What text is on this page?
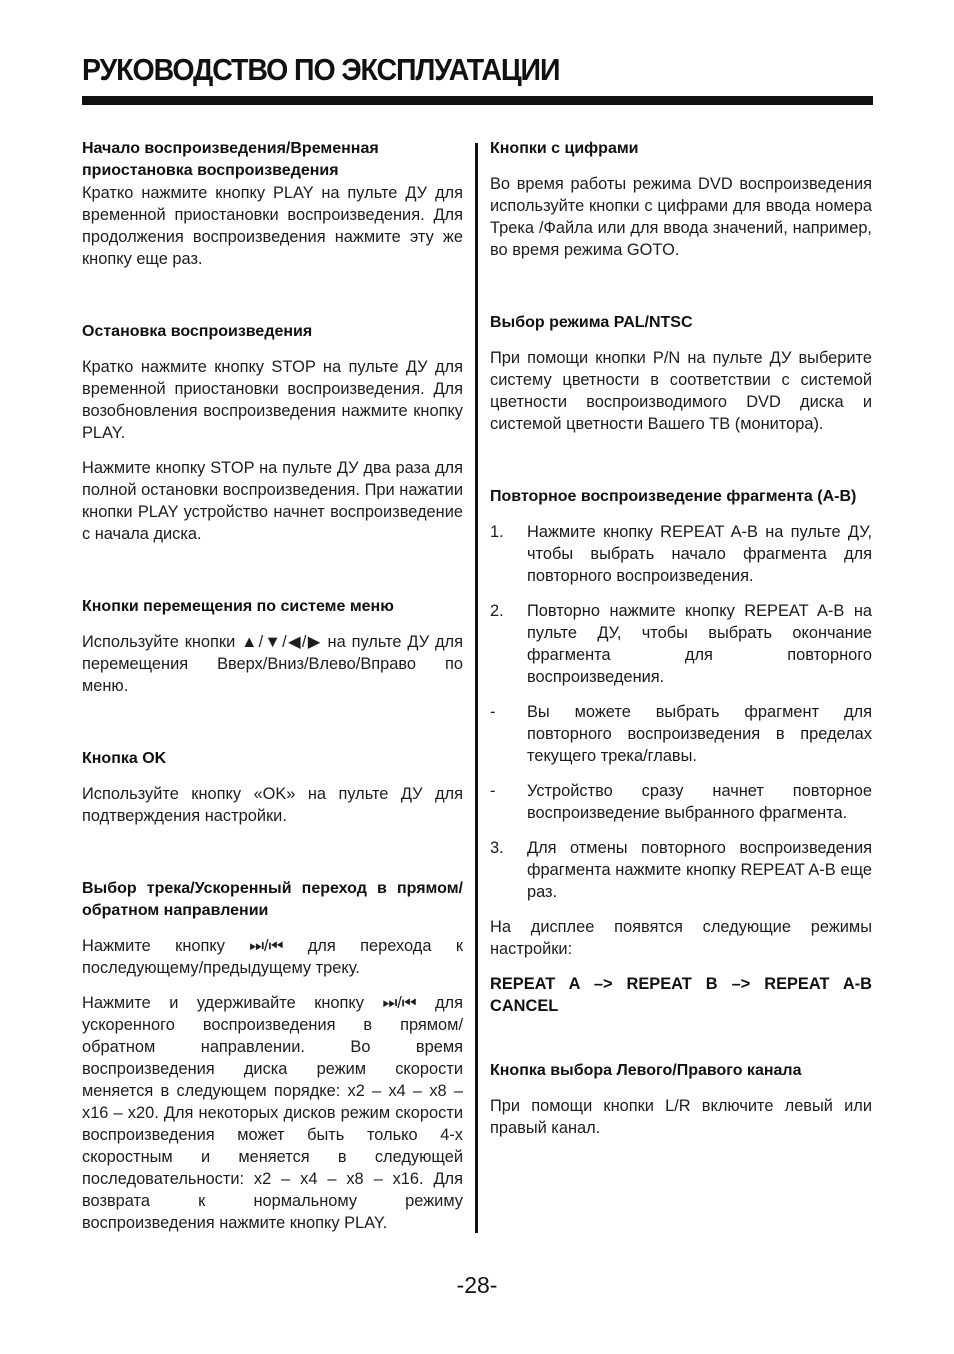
РУКОВОДСТВО ПО ЭКСПЛУАТАЦИИ
Начало воспроизведения/Временная приостановка воспроизведения
Кратко нажмите кнопку PLAY на пульте ДУ для временной приостановки воспроизведения. Для продолжения воспроизведения нажмите эту же кнопку еще раз.
Остановка воспроизведения
Кратко нажмите кнопку STOP на пульте ДУ для временной приостановки воспроизведения. Для возобновления воспроизведения нажмите кнопку PLAY.
Нажмите кнопку STOP на пульте ДУ два раза для полной остановки воспроизведения. При нажатии кнопки PLAY устройство начнет воспроизведение с начала диска.
Кнопки перемещения по системе меню
Используйте кнопки ▲/▼/◀/▶ на пульте ДУ для перемещения Вверх/Вниз/Влево/Вправо по меню.
Кнопка OK
Используйте кнопку «OK» на пульте ДУ для подтверждения настройки.
Выбор трека/Ускоренный переход в прямом/обратном направлении
Нажмите кнопку ⏭/⏮ для перехода к последующему/предыдущему треку.
Нажмите и удерживайте кнопку ⏭/⏮ для ускоренного воспроизведения в прямом/обратном направлении. Во время воспроизведения диска режим скорости меняется в следующем порядке: х2 – х4 – х8 – х16 – х20. Для некоторых дисков режим скорости воспроизведения может быть только 4-х скоростным и меняется в следующей последовательности: х2 – х4 – х8 – х16. Для возврата к нормальному режиму воспроизведения нажмите кнопку PLAY.
Кнопки с цифрами
Во время работы режима DVD воспроизведения используйте кнопки с цифрами для ввода номера Трека /Файла или для ввода значений, например, во время режима GOTO.
Выбор режима PAL/NTSC
При помощи кнопки P/N на пульте ДУ выберите систему цветности в соответствии с системой цветности воспроизводимого DVD диска и системой цветности Вашего ТВ (монитора).
Повторное воспроизведение фрагмента (A-B)
1.	Нажмите кнопку REPEAT A-B на пульте ДУ, чтобы выбрать начало фрагмента для повторного воспроизведения.
2.	Повторно нажмите кнопку REPEAT A-B на пульте ДУ, чтобы выбрать окончание фрагмента для повторного воспроизведения.
-	Вы можете выбрать фрагмент для повторного воспроизведения в пределах текущего трека/главы.
-	Устройство сразу начнет повторное воспроизведение выбранного фрагмента.
3.	Для отмены повторного воспроизведения фрагмента нажмите кнопку REPEAT A-B еще раз.
На дисплее появятся следующие режимы настройки:
REPEAT A –> REPEAT B –> REPEAT A-B CANCEL
Кнопка выбора Левого/Правого канала
При помощи кнопки L/R включите левый или правый канал.
-28-
